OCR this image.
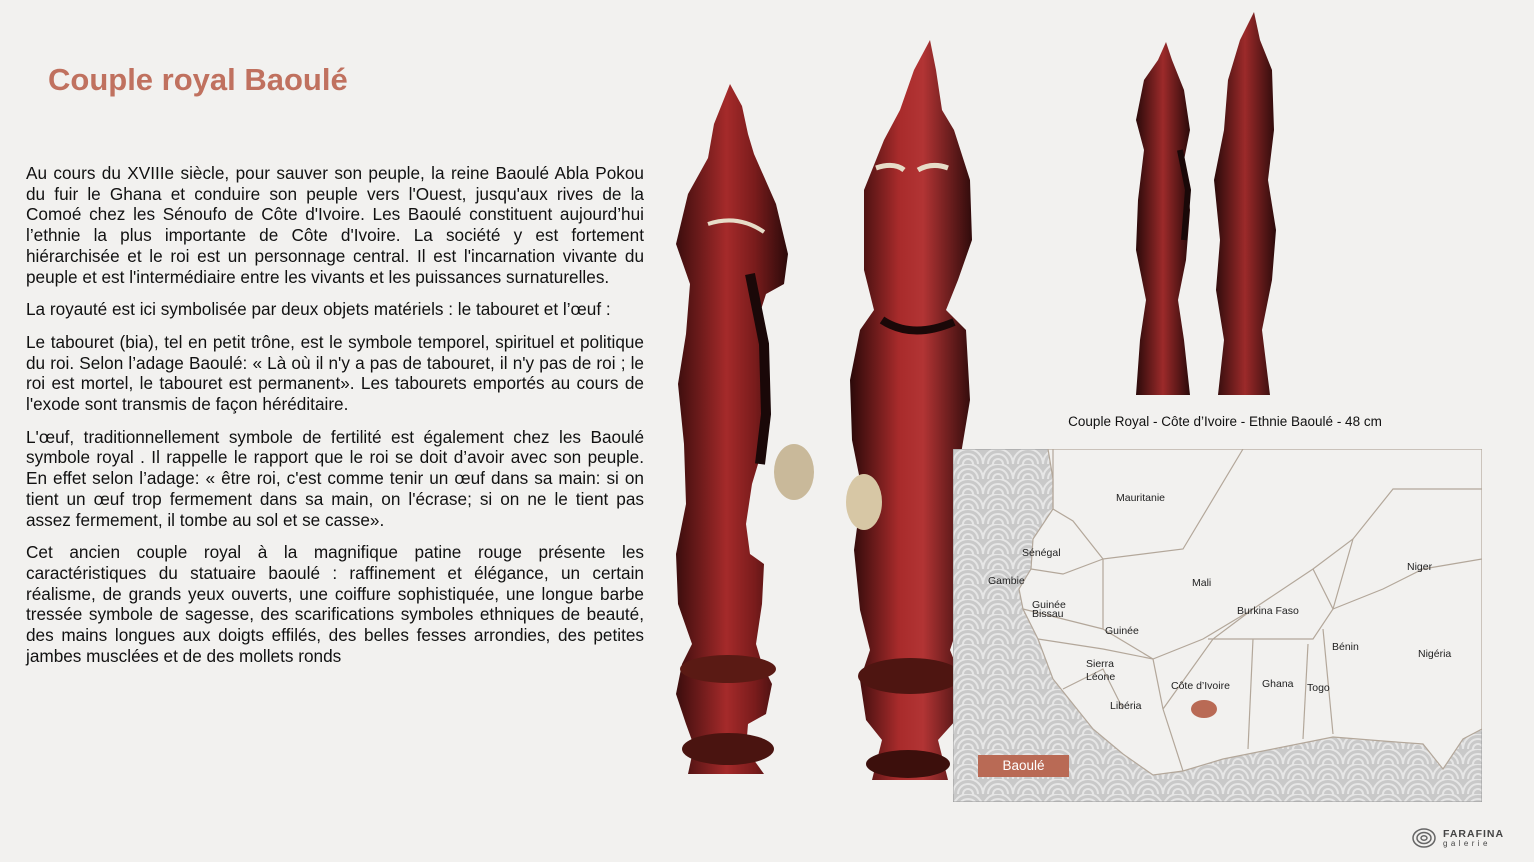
Couple royal Baoulé

Au cours du XVIIIe siècle, pour sauver son peuple, la reine Baoulé Abla Pokou du fuir le Ghana et conduire son peuple vers l'Ouest, jusqu'aux rives de la Comoé chez les Sénoufo de Côte d'Ivoire. Les Baoulé constituent aujourd’hui l’ethnie la plus importante de Côte d'Ivoire. La société y est fortement hiérarchisée et le roi est un personnage central. Il est l'incarnation vivante du peuple et est l'intermédiaire entre les vivants et les puissances surnaturelles.

La royauté est ici symbolisée par deux objets matériels : le tabouret et l’œuf :

Le tabouret (bia), tel en petit trône, est le symbole temporel, spirituel et politique du roi. Selon l’adage Baoulé: « Là où il n'y a pas de tabouret, il n'y pas de roi ; le roi est mortel, le tabouret est permanent». Les tabourets emportés au cours de l'exode sont transmis de façon héréditaire.

L'œuf, traditionnellement symbole de fertilité est également chez les Baoulé symbole royal . Il rappelle le rapport que le roi se doit d’avoir avec son peuple. En effet selon l’adage: « être roi, c'est comme tenir un œuf dans sa main: si on tient un œuf trop fermement dans sa main, on l'écrase; si on ne le tient pas assez fermement, il tombe au sol et se casse».

Cet ancien couple royal à la magnifique patine rouge présente les caractéristiques du statuaire baoulé : raffinement et élégance, un certain réalisme, de grands yeux ouverts, une coiffure sophistiquée, une longue barbe tressée symbole de sagesse, des scarifications symboles ethniques de beauté, des mains longues aux doigts effilés, des belles fesses arrondies, des petites jambes musclées et de des mollets ronds

Couple Royal - Côte d’Ivoire - Ethnie Baoulé - 48 cm
Mauritanie
Sénégal
Gambie
Guinée
Bissau
Guinée
Sierra
Léone
Libéria
Mali
Burkina Faso
Côte d’Ivoire	Ghana Togo
Bénin
Niger
Nigéria
Baoulé
FARAFINA
galerie
